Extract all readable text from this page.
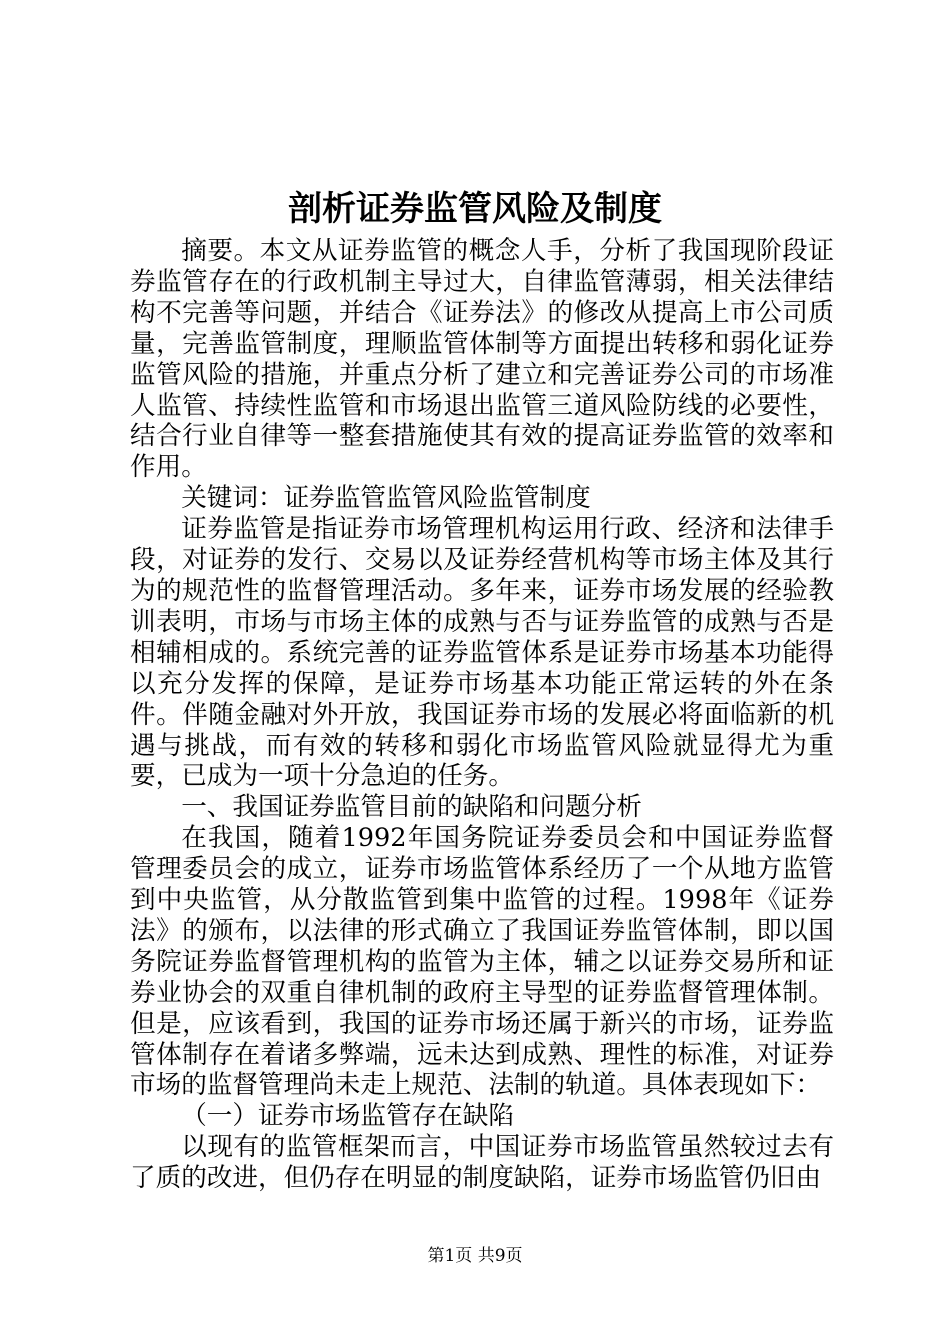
剖析证券监管风险及制度

摘要。本文从证券监管的概念人手，分析了我国现阶段证券监管存在的行政机制主导过大，自律监管薄弱，相关法律结构不完善等问题，并结合《证券法》的修改从提高上市公司质量，完善监管制度，理顺监管体制等方面提出转移和弱化证券监管风险的措施，并重点分析了建立和完善证券公司的市场准人监管、持续性监管和市场退出监管三道风险防线的必要性，结合行业自律等一整套措施使其有效的提高证券监管的效率和作用。

关键词：证券监管监管风险监管制度

证券监管是指证券市场管理机构运用行政、经济和法律手段，对证券的发行、交易以及证券经营机构等市场主体及其行为的规范性的监督管理活动。多年来，证券市场发展的经验教训表明，市场与市场主体的成熟与否与证券监管的成熟与否是相辅相成的。系统完善的证券监管体系是证券市场基本功能得以充分发挥的保障，是证券市场基本功能正常运转的外在条件。伴随金融对外开放，我国证券市场的发展必将面临新的机遇与挑战，而有效的转移和弱化市场监管风险就显得尤为重要，已成为一项十分急迫的任务。

一、我国证券监管目前的缺陷和问题分析

在我国，随着1992年国务院证券委员会和中国证券监督管理委员会的成立，证券市场监管体系经历了一个从地方监管到中央监管，从分散监管到集中监管的过程。1998年《证券法》的颁布，以法律的形式确立了我国证券监管体制，即以国务院证券监督管理机构的监管为主体，辅之以证券交易所和证券业协会的双重自律机制的政府主导型的证券监督管理体制。但是，应该看到，我国的证券市场还属于新兴的市场，证券监管体制存在着诸多弊端，远未达到成熟、理性的标准，对证券市场的监督管理尚未走上规范、法制的轨道。具体表现如下：

（一）证券市场监管存在缺陷

以现有的监管框架而言，中国证券市场监管虽然较过去有了质的改进，但仍存在明显的制度缺陷，证券市场监管仍旧由

第1页 共9页
